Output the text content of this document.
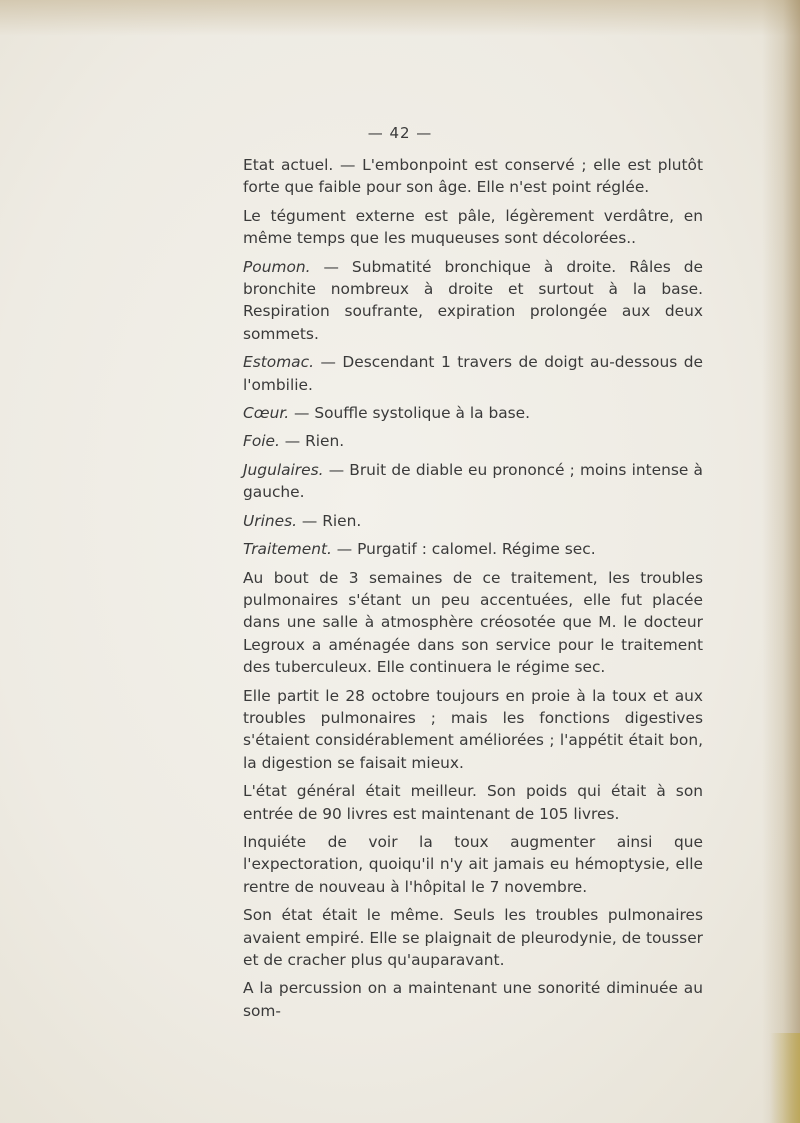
— 42 —

Etat actuel. — L'embonpoint est conservé ; elle est plutôt forte que faible pour son âge. Elle n'est point réglée.

Le tégument externe est pâle, légèrement verdâtre, en même temps que les muqueuses sont décolorées..

Poumon. — Submatité bronchique à droite. Râles de bronchite nombreux à droite et surtout à la base. Respiration soufrante, expiration prolongée aux deux sommets.

Estomac. — Descendant 1 travers de doigt au-dessous de l'ombilie.

Cœur. — Souffle systolique à la base.

Foie. — Rien.

Jugulaires. — Bruit de diable eu prononcé ; moins intense à gauche.

Urines. — Rien.

Traitement. — Purgatif : calomel. Régime sec.

Au bout de 3 semaines de ce traitement, les troubles pulmonaires s'étant un peu accentuées, elle fut placée dans une salle à atmosphère créosotée que M. le docteur Legroux a aménagée dans son service pour le traitement des tuberculeux. Elle continuera le régime sec.

Elle partit le 28 octobre toujours en proie à la toux et aux troubles pulmonaires ; mais les fonctions digestives s'étaient considérablement améliorées ; l'appétit était bon, la digestion se faisait mieux.

L'état général était meilleur. Son poids qui était à son entrée de 90 livres est maintenant de 105 livres.

Inquiéte de voir la toux augmenter ainsi que l'expectoration, quoiqu'il n'y ait jamais eu hémoptysie, elle rentre de nouveau à l'hôpital le 7 novembre.

Son état était le même. Seuls les troubles pulmonaires avaient empiré. Elle se plaignait de pleurodynie, de tousser et de cracher plus qu'auparavant.

A la percussion on a maintenant une sonorité diminuée au som-
